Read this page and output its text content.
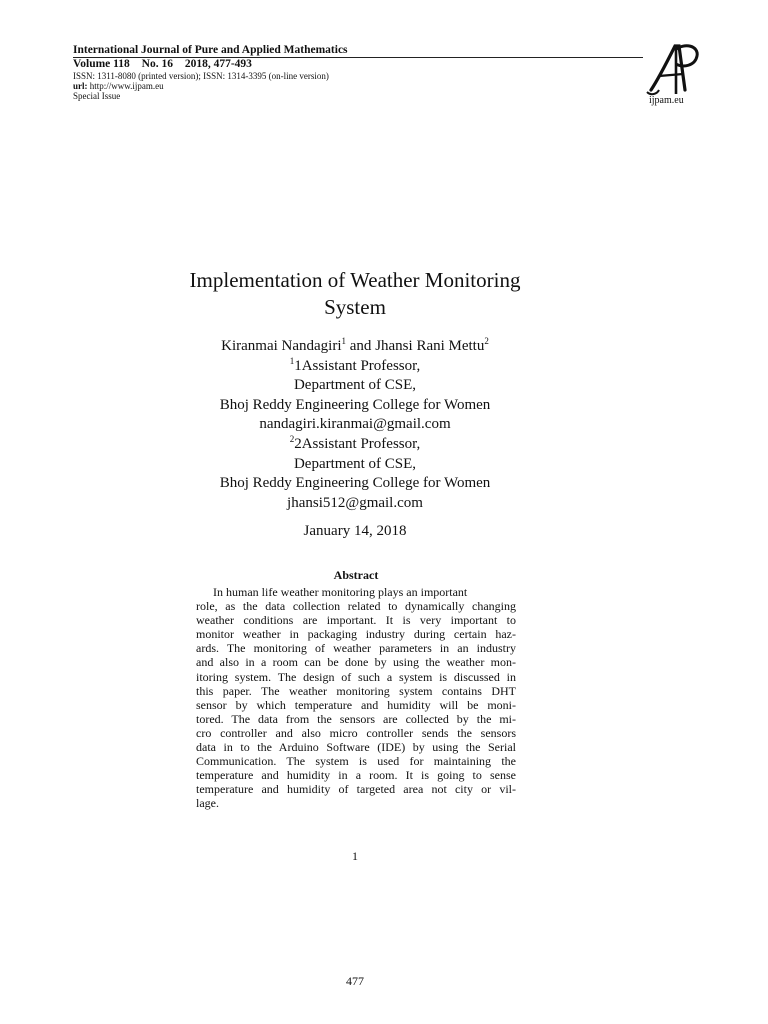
International Journal of Pure and Applied Mathematics
Volume 118 No. 16 2018, 477-493
ISSN: 1311-8080 (printed version); ISSN: 1314-3395 (on-line version)
url: http://www.ijpam.eu
Special Issue	ijpam.eu
Implementation of Weather Monitoring
System
Kiranmai Nandagiri$^1$ and Jhansi Rani Mettu$^2$
$^1$1Assistant Professor,
Department of CSE,
Bhoj Reddy Engineering College for Women
nandagiri.kiranmai@gmail.com
$^2$2Assistant Professor,
Department of CSE,
Bhoj Reddy Engineering College for Women
jhansi512@gmail.com
January 14, 2018
Abstract
In human life weather monitoring plays an important
role, as the data collection related to dynamically changing
weather conditions are important. It is very important to
monitor weather in packaging industry during certain haz-
ards. The monitoring of weather parameters in an industry
and also in a room can be done by using the weather mon-
itoring system. The design of such a system is discussed in
this paper. The weather monitoring system contains DHT
sensor by which temperature and humidity will be moni-
tored. The data from the sensors are collected by the mi-
cro controller and also micro controller sends the sensors
data in to the Arduino Software (IDE) by using the Serial
Communication. The system is used for maintaining the
temperature and humidity in a room. It is going to sense
temperature and humidity of targeted area not city or vil-
lage.
1
477
